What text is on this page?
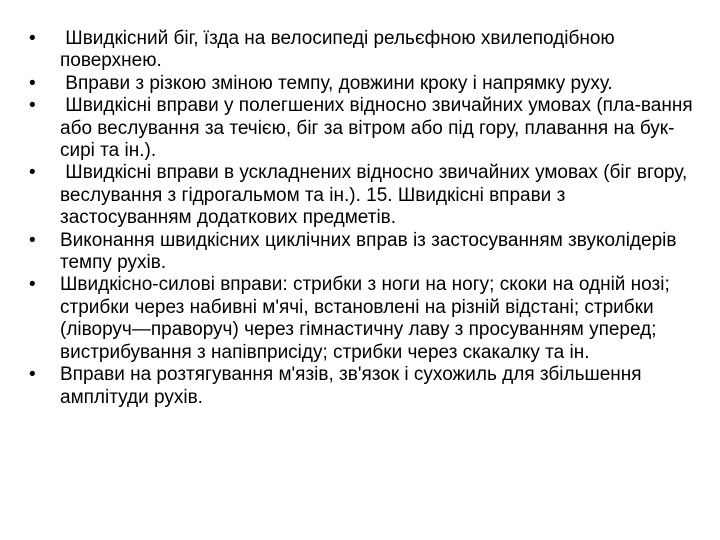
• Швидкісний біг, їзда на велосипеді рельєфною хвилеподібною поверхнею.
• Вправи з різкою зміною темпу, довжини кроку і напрямку руху.
• Швидкісні вправи у полегшених відносно звичайних умовах (пла-вання або веслування за течією, біг за вітром або під гору, плавання на бук-сирі та ін.).
• Швидкісні вправи в ускладнених відносно звичайних умовах (біг вгору, веслування з гідрогальмом та ін.). 15. Швидкісні вправи з застосуванням додаткових предметів.
• Виконання швидкісних циклічних вправ із застосуванням звуколідерів темпу рухів.
• Швидкісно-силові вправи: стрибки з ноги на ногу; скоки на одній нозі; стрибки через набивні м'ячі, встановлені на різній відстані; стрибки (ліворуч—праворуч) через гімнастичну лаву з просуванням уперед; вистрибування з напівприсіду; стрибки через скакалку та ін.
• Вправи на розтягування м'язів, зв'язок і сухожиль для збільшення амплітуди рухів.
